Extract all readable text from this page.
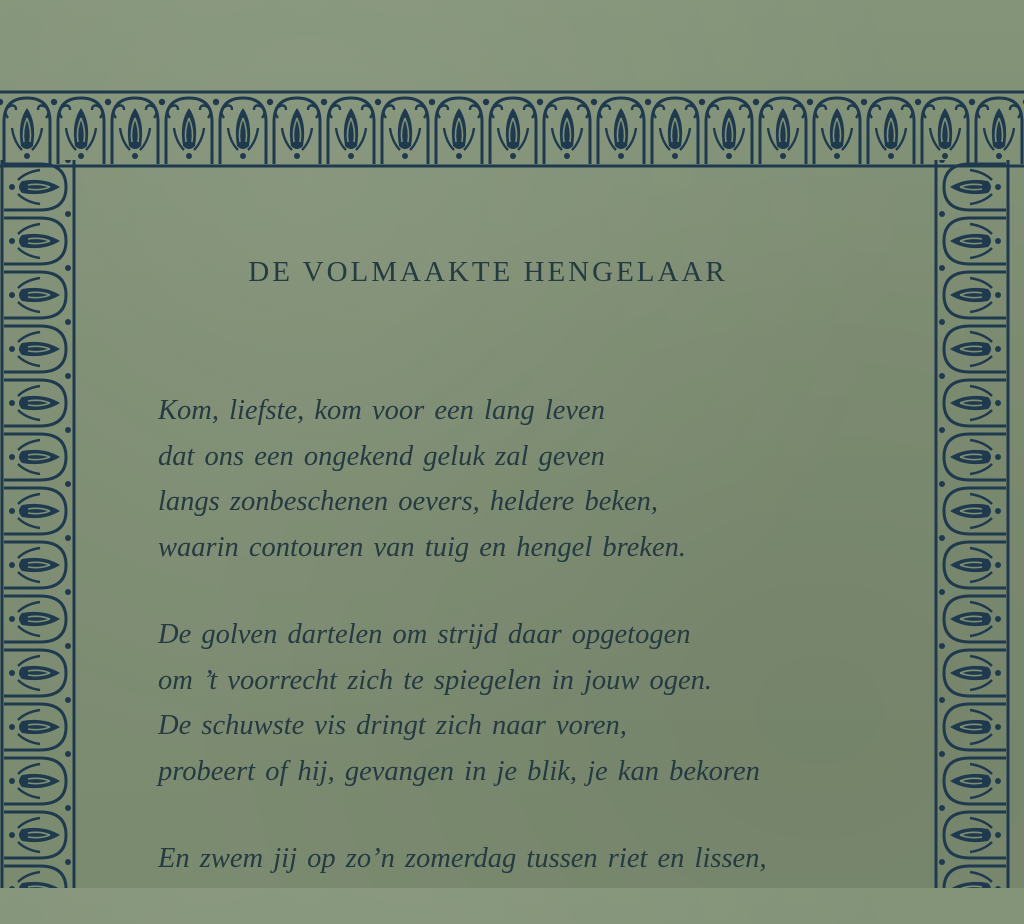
DE VOLMAAKTE HENGELAAR
Kom, liefste, kom voor een lang leven
dat ons een ongekend geluk zal geven
langs zonbeschenen oevers, heldere beken,
waarin contouren van tuig en hengel breken.
De golven dartelen om strijd daar opgetogen
om ’t voorrecht zich te spiegelen in jouw ogen.
De schuwste vis dringt zich naar voren,
probeert of hij, gevangen in je blik, je kan bekoren
En zwem jij op zo’n zomerdag tussen riet en lissen,
